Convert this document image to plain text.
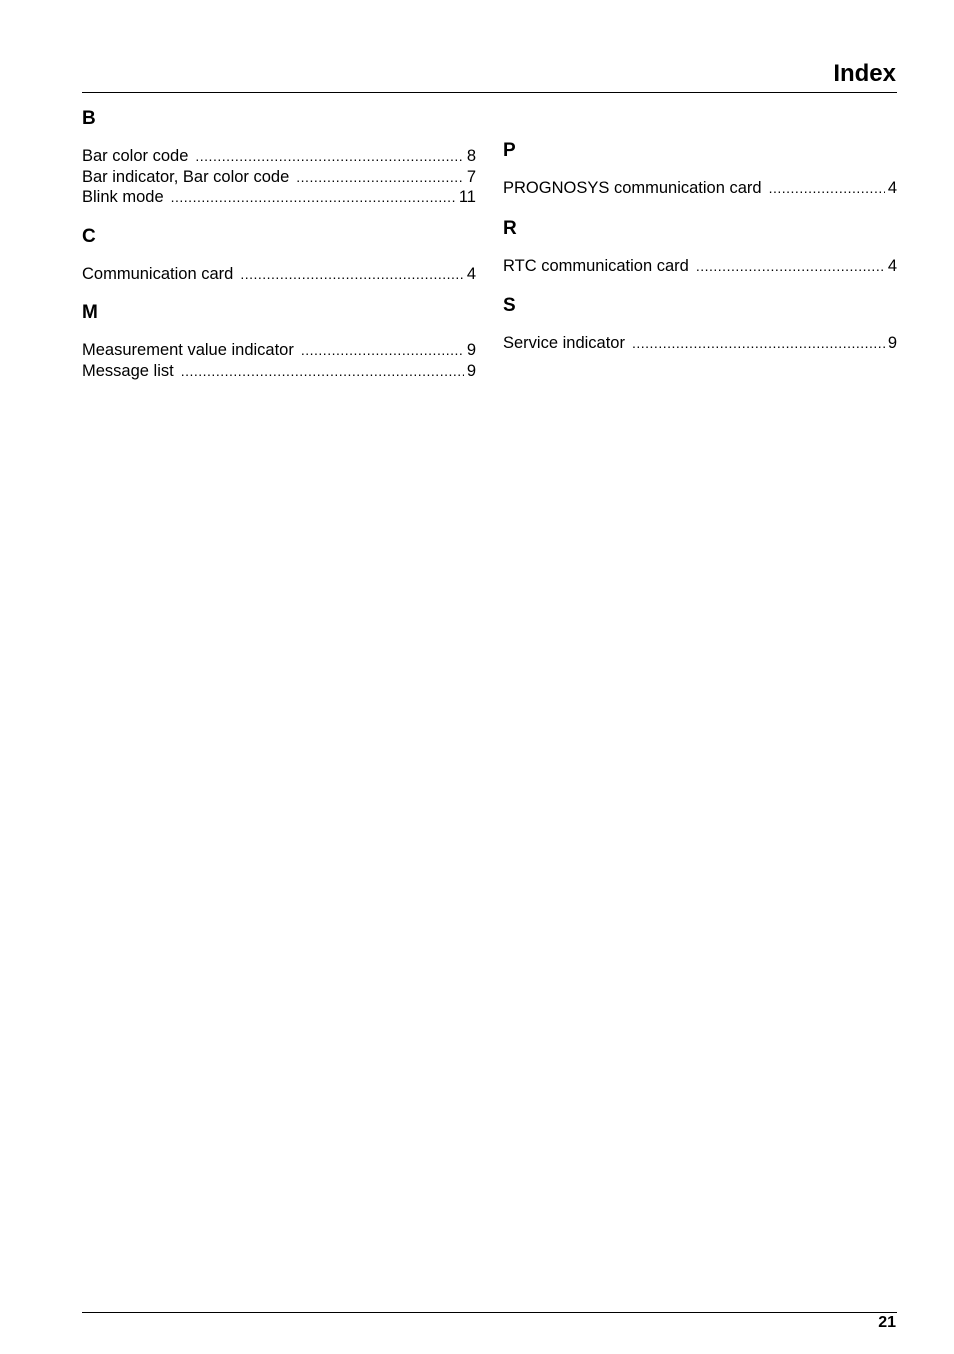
Index
B
Bar color code .....	8
Bar indicator, Bar color code .....	7
Blink mode .....	11
C
Communication card .....	4
M
Measurement value indicator .....	9
Message list .....	9
P
PROGNOSYS communication card .....	4
R
RTC communication card .....	4
S
Service indicator .....	9
21
